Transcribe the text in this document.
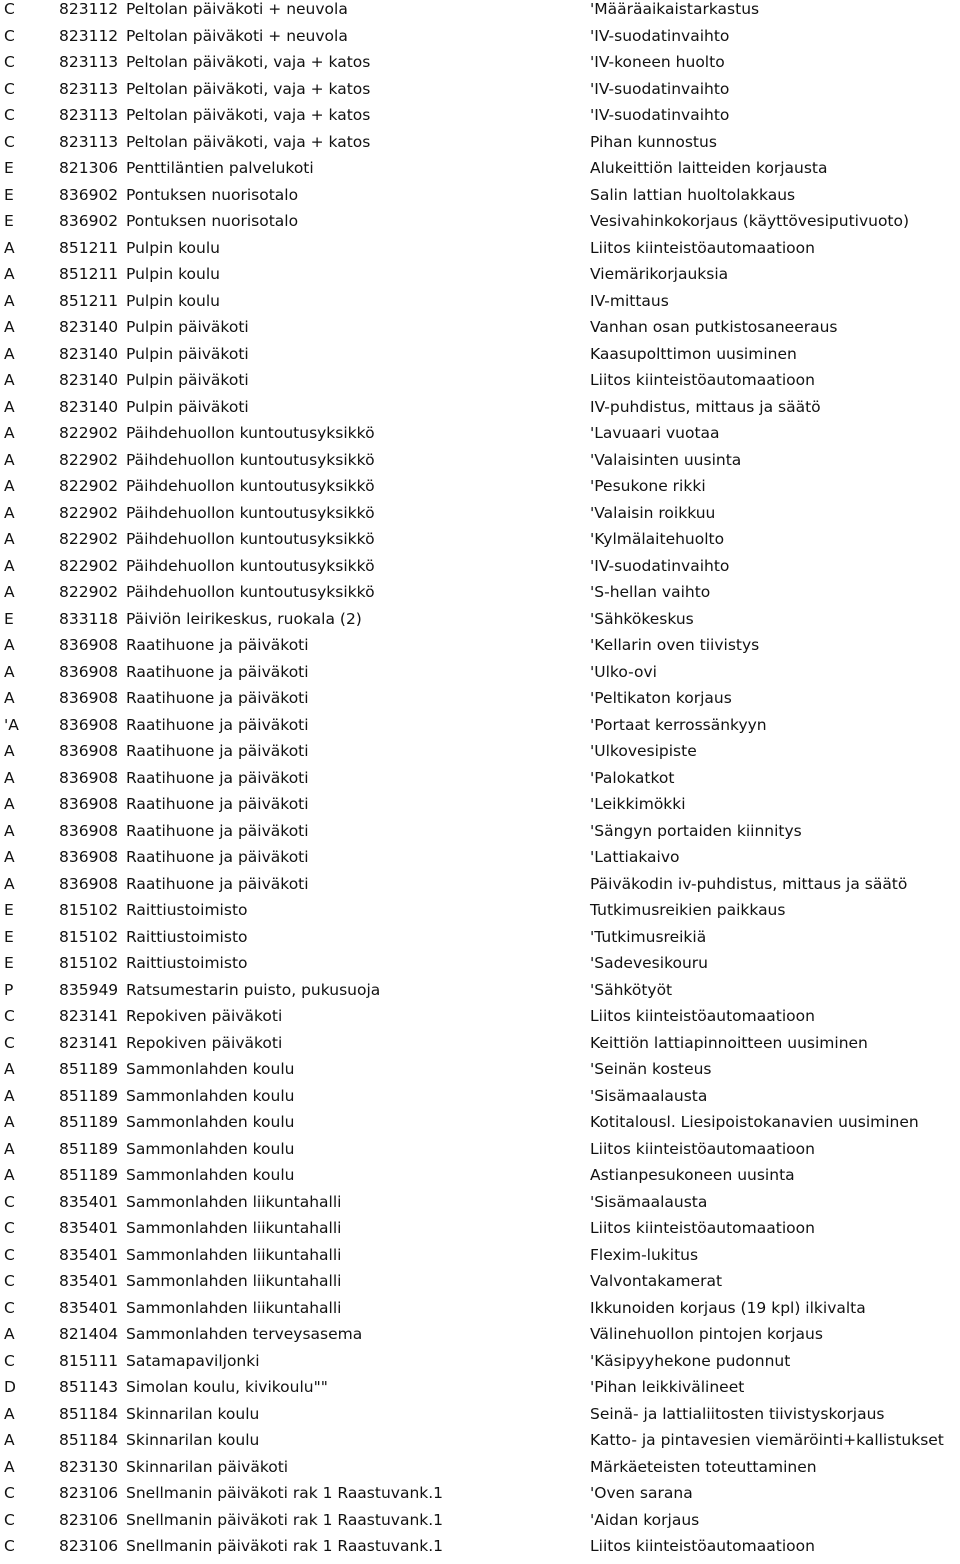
C	823112 Peltolan päiväkoti + neuvola	'Määräaikaistarkastus
C	823112 Peltolan päiväkoti + neuvola	'IV-suodatinvaihto
C	823113 Peltolan päiväkoti, vaja + katos	'IV-koneen huolto
C	823113 Peltolan päiväkoti, vaja + katos	'IV-suodatinvaihto
C	823113 Peltolan päiväkoti, vaja + katos	'IV-suodatinvaihto
C	823113 Peltolan päiväkoti, vaja + katos	Pihan kunnostus
E	821306 Penttiläntien palvelukoti	Alukeittiön laitteiden korjausta
E	836902 Pontuksen nuorisotalo	Salin lattian huoltolakkaus
E	836902 Pontuksen nuorisotalo	Vesivahinkokorjaus (käyttövesiputivuoto)
A	851211 Pulpin koulu	Liitos kiinteistöautomaatioon
A	851211 Pulpin koulu	Viemärikorjauksia
A	851211 Pulpin koulu	IV-mittaus
A	823140 Pulpin päiväkoti	Vanhan osan putkistosaneeraus
A	823140 Pulpin päiväkoti	Kaasupolttimon uusiminen
A	823140 Pulpin päiväkoti	Liitos kiinteistöautomaatioon
A	823140 Pulpin päiväkoti	IV-puhdistus, mittaus ja säätö
A	822902 Päihdehuollon kuntoutusyksikkö	'Lavuaari vuotaa
A	822902 Päihdehuollon kuntoutusyksikkö	'Valaisinten uusinta
A	822902 Päihdehuollon kuntoutusyksikkö	'Pesukone rikki
A	822902 Päihdehuollon kuntoutusyksikkö	'Valaisin roikkuu
A	822902 Päihdehuollon kuntoutusyksikkö	'Kylmälaitehuolto
A	822902 Päihdehuollon kuntoutusyksikkö	'IV-suodatinvaihto
A	822902 Päihdehuollon kuntoutusyksikkö	'S-hellan vaihto
E	833118 Päiviön leirikeskus, ruokala (2)	'Sähkökeskus
A	836908 Raatihuone ja päiväkoti	'Kellarin oven tiivistys
A	836908 Raatihuone ja päiväkoti	'Ulko-ovi
A	836908 Raatihuone ja päiväkoti	'Peltikaton korjaus
'A	836908 Raatihuone ja päiväkoti	'Portaat kerrossänkyyn
A	836908 Raatihuone ja päiväkoti	'Ulkovesipiste
A	836908 Raatihuone ja päiväkoti	'Palokatkot
A	836908 Raatihuone ja päiväkoti	'Leikkimökki
A	836908 Raatihuone ja päiväkoti	'Sängyn portaiden kiinnitys
A	836908 Raatihuone ja päiväkoti	'Lattiakaivo
A	836908 Raatihuone ja päiväkoti	Päiväkodin iv-puhdistus, mittaus ja säätö
E	815102 Raittiustoimisto	Tutkimusreikien paikkaus
E	815102 Raittiustoimisto	'Tutkimusreikiä
E	815102 Raittiustoimisto	'Sadevesikouru
P	835949 Ratsumestarin puisto, pukusuoja	'Sähkötyöt
C	823141 Repokiven päiväkoti	Liitos kiinteistöautomaatioon
C	823141 Repokiven päiväkoti	Keittiön lattiapinnoitteen uusiminen
A	851189 Sammonlahden koulu	'Seinän kosteus
A	851189 Sammonlahden koulu	'Sisämaalausta
A	851189 Sammonlahden koulu	Kotitalousl. Liesipoistokanavien uusiminen
A	851189 Sammonlahden koulu	Liitos kiinteistöautomaatioon
A	851189 Sammonlahden koulu	Astianpesukoneen uusinta
C	835401 Sammonlahden liikuntahalli	'Sisämaalausta
C	835401 Sammonlahden liikuntahalli	Liitos kiinteistöautomaatioon
C	835401 Sammonlahden liikuntahalli	Flexim-lukitus
C	835401 Sammonlahden liikuntahalli	Valvontakamerat
C	835401 Sammonlahden liikuntahalli	Ikkunoiden korjaus (19 kpl) ilkivalta
A	821404 Sammonlahden terveysasema	Välinehuollon pintojen korjaus
C	815111 Satamapaviljonki	'Käsipyyhekone pudonnut
D	851143 Simolan koulu, kivikoulu""	'Pihan leikkivälineet
A	851184 Skinnarilan koulu	Seinä- ja lattialiitosten tiivistyskorjaus
A	851184 Skinnarilan koulu	Katto- ja pintavesien viemäröinti+kallistukset
A	823130 Skinnarilan päiväkoti	Märkäeteisten toteuttaminen
C	823106 Snellmanin päiväkoti rak 1 Raastuvank.1	'Oven sarana
C	823106 Snellmanin päiväkoti rak 1 Raastuvank.1	'Aidan korjaus
C	823106 Snellmanin päiväkoti rak 1 Raastuvank.1	Liitos kiinteistöautomaatioon
